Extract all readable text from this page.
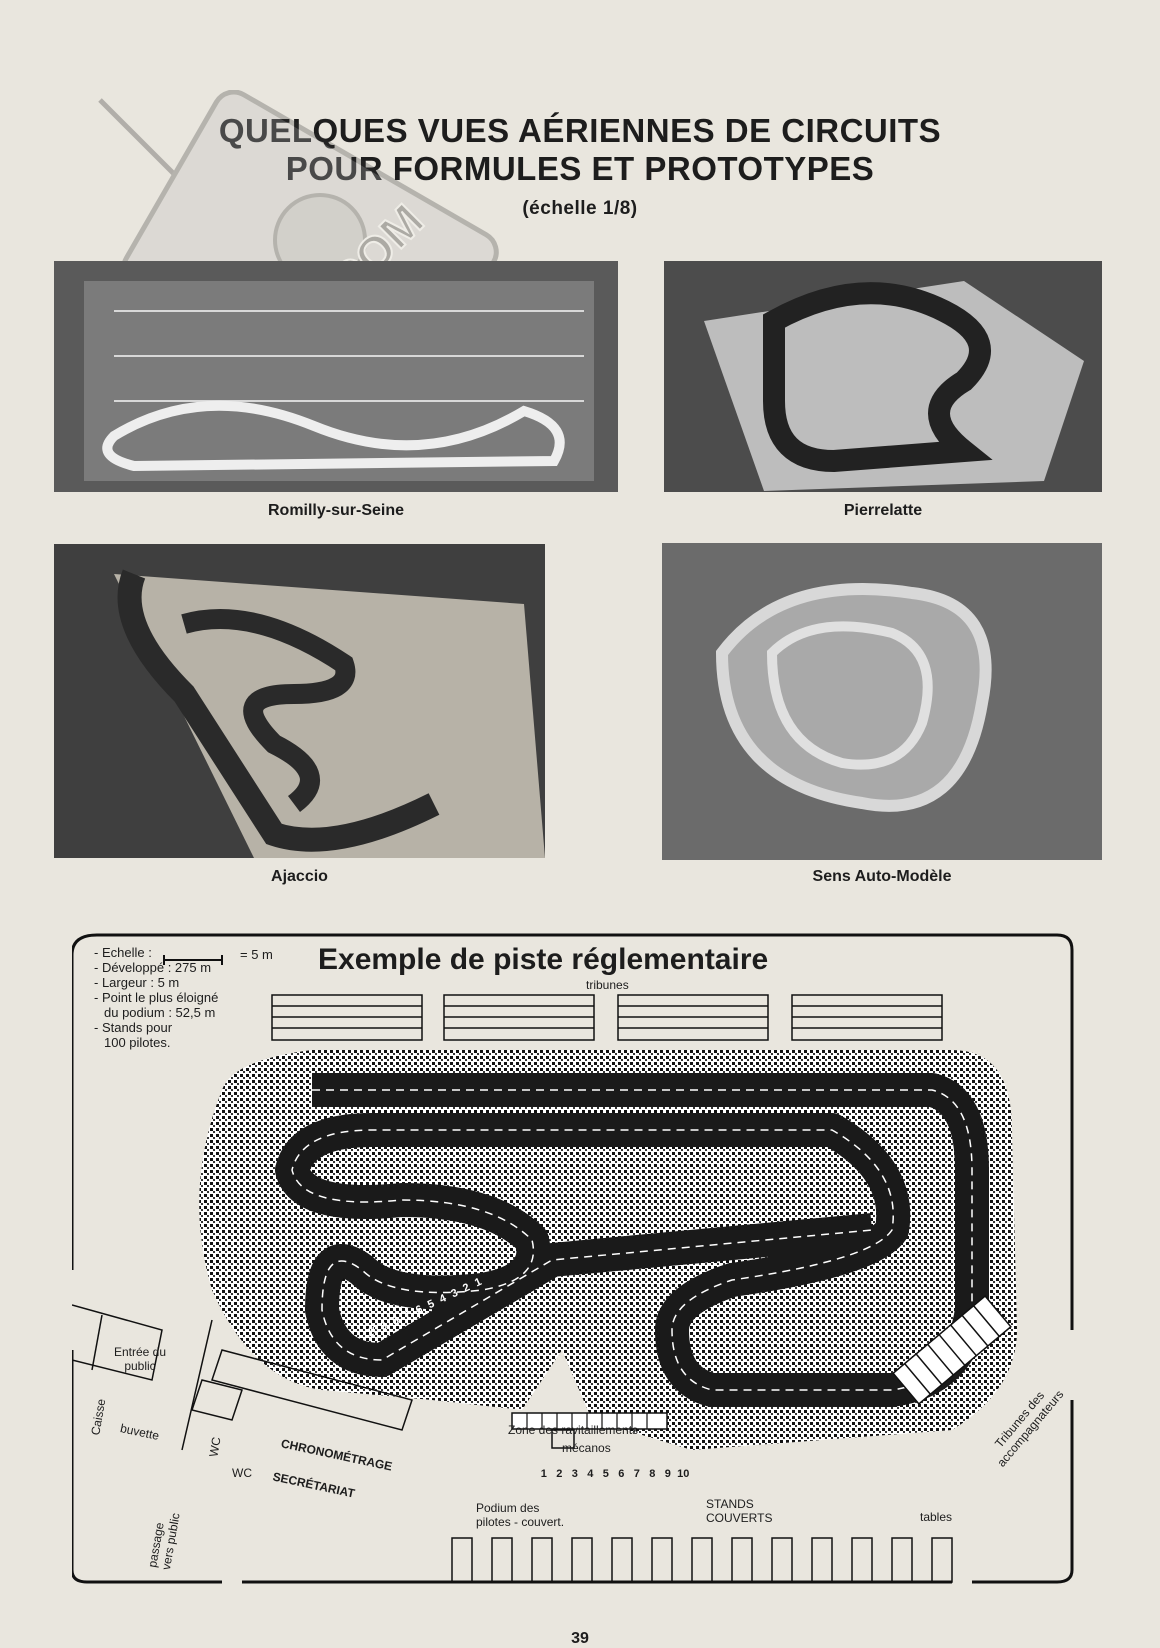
QUELQUES VUES AÉRIENNES DE CIRCUITS
POUR FORMULES ET PROTOTYPES
(échelle 1/8)
Romilly-sur-Seine	Pierrelatte
Ajaccio	Sens Auto-Modèle
10
9 8 7 6 5 4 3 2 1
- Echelle :
- Développé : 275 m
- Largeur : 5 m
- Point le plus éloigné
du podium : 52,5 m
- Stands pour
100 pilotes.
= 5 m Exemple de piste réglementaire
tribunes
Entrée du public
Caisse buvette
WC
WC CHRONOMÉTRAGE
SECRÉTARIAT
passage vers public
Zone des ravitaillements
mécanos
Podium des pilotes - couvert.
STANDS COUVERTS	tables
Tribunes des accompagnateurs
1 2 3 4 5 6 7 8 9 10
39
